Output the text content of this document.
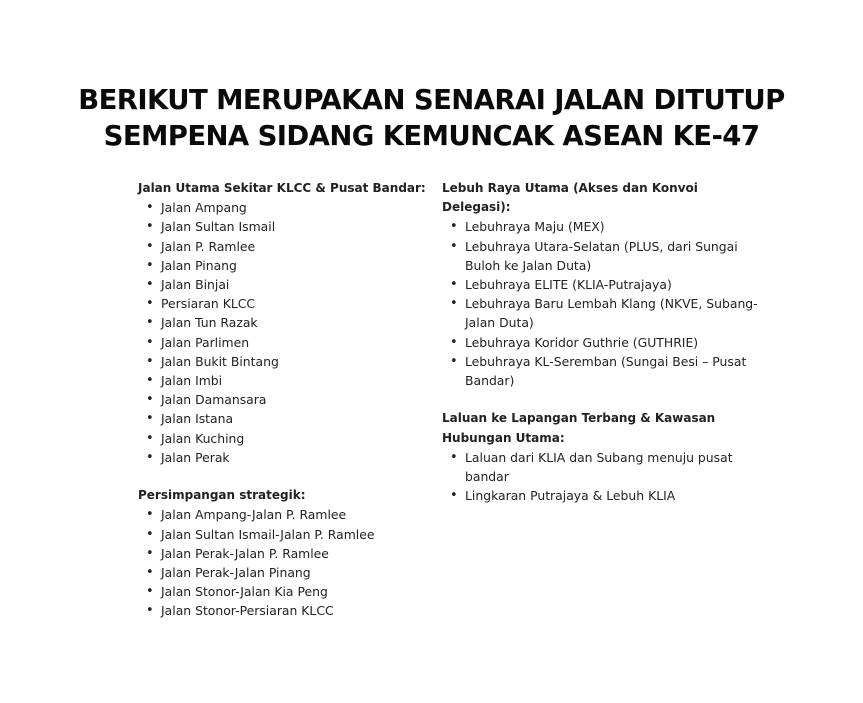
BERIKUT MERUPAKAN SENARAI JALAN DITUTUP
SEMPENA SIDANG KEMUNCAK ASEAN KE-47

Jalan Utama Sekitar KLCC & Pusat Bandar:

• Jalan Ampang
• Jalan Sultan Ismail
• Jalan P. Ramlee
• Jalan Pinang
• Jalan Binjai
• Persiaran KLCC
• Jalan Tun Razak
• Jalan Parlimen
• Jalan Bukit Bintang
• Jalan Imbi
• Jalan Damansara
• Jalan Istana
• Jalan Kuching
• Jalan Perak

Persimpangan strategik:

• Jalan Ampang-Jalan P. Ramlee
• Jalan Sultan Ismail-Jalan P. Ramlee
• Jalan Perak-Jalan P. Ramlee
• Jalan Perak-Jalan Pinang
• Jalan Stonor-Jalan Kia Peng
• Jalan Stonor-Persiaran KLCC

Lebuh Raya Utama (Akses dan Konvoi Delegasi):

• Lebuhraya Maju (MEX)
• Lebuhraya Utara-Selatan (PLUS, dari Sungai Buloh ke Jalan Duta)
• Lebuhraya ELITE (KLIA-Putrajaya)
• Lebuhraya Baru Lembah Klang (NKVE, Subang-Jalan Duta)
• Lebuhraya Koridor Guthrie (GUTHRIE)
• Lebuhraya KL-Seremban (Sungai Besi – Pusat Bandar)

Laluan ke Lapangan Terbang & Kawasan Hubungan Utama:

• Laluan dari KLIA dan Subang menuju pusat bandar
• Lingkaran Putrajaya & Lebuh KLIA
